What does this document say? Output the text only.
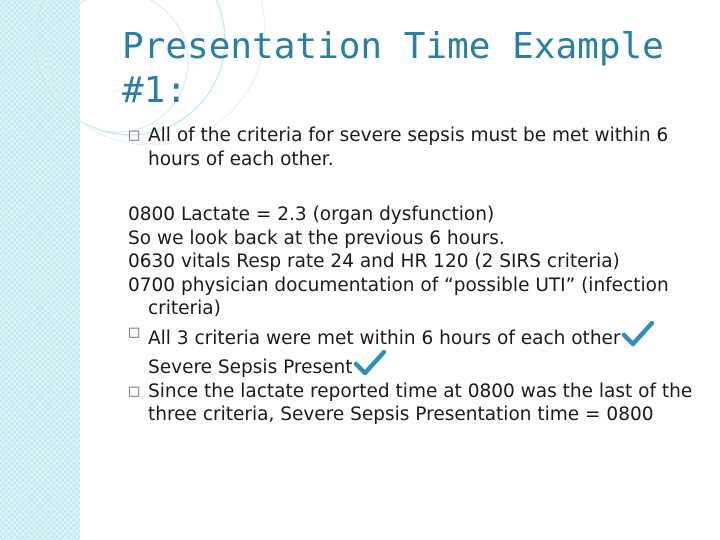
Presentation Time Example #1:
□ All of the criteria for severe sepsis must be met within 6 hours of each other.

0800 Lactate = 2.3 (organ dysfunction)

So we look back at the previous 6 hours.

0630 vitals Resp rate 24 and HR 120 (2 SIRS criteria)

0700 physician documentation of “possible UTI” (infection criteria)

□ All 3 criteria were met within 6 hours of each otherSevere Sepsis Present
□ Since the lactate reported time at 0800 was the last of the three criteria, Severe Sepsis Presentation time = 0800
